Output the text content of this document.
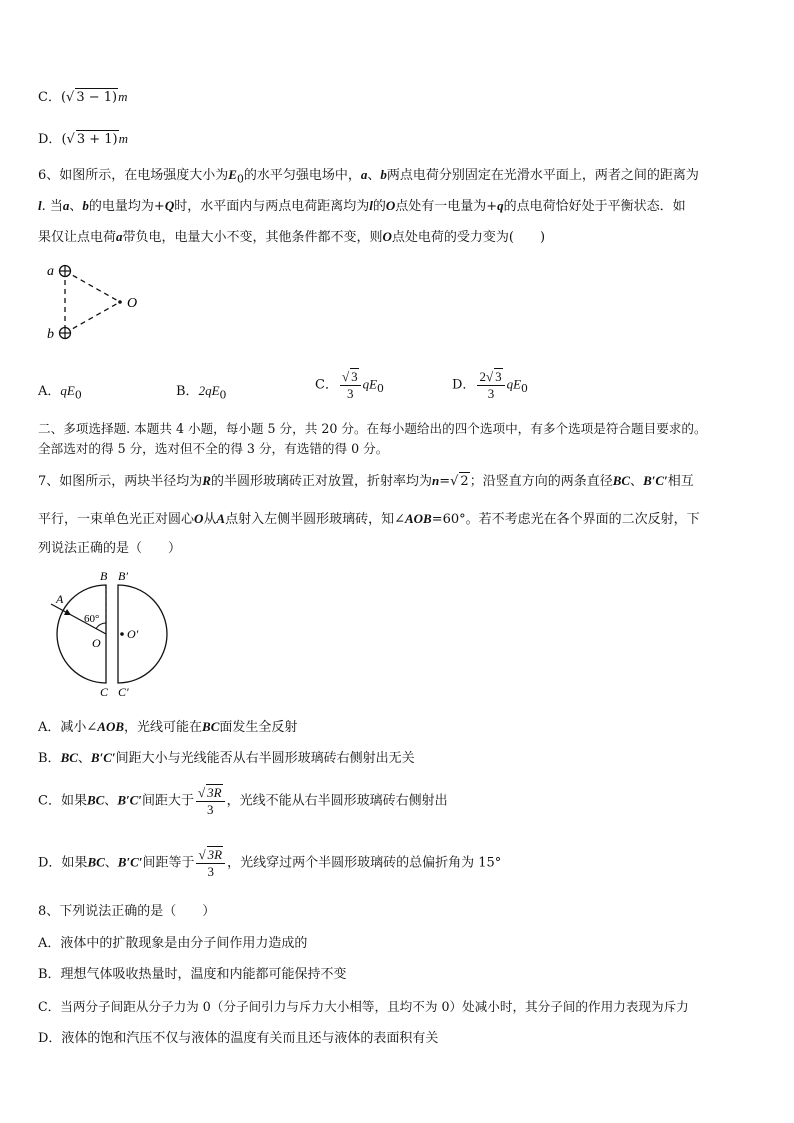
C．(√ 3 − 1)m
D．(√ 3 + 1)m
6、如图所示，在电场强度大小为$E_0$的水平匀强电场中，a、b两点电荷分别固定在光滑水平面上，两者之间的距离为
l. 当a、b的电量均为+Q时，水平面内与两点电荷距离均为l的O点处有一电量为+q的点电荷恰好处于平衡状态．如
果仅让点电荷a带负电，电量大小不变，其他条件都不变，则O点处电荷的受力变为(　　)
a
b
O
A．$qE_0$	B．$2qE_0$
C． $\frac{√ 3}{3} qE_0$	D． $\frac{2√ 3}{3} qE_0$
二、多项选择题. 本题共 4 小题，每小题 5 分，共 20 分。在每小题给出的四个选项中，有多个选项是符合题目要求的。
全部选对的得 5 分，选对但不全的得 3 分，有选错的得 0 分。
7、如图所示，两块半径均为R的半圆形玻璃砖正对放置，折射率均为n=√ 2；沿竖直方向的两条直径BC、B′C′相互
平行，一束单色光正对圆心O从A点射入左侧半圆形玻璃砖，知∠AOB=60°。若不考虑光在各个界面的二次反射，下
列说法正确的是（　　）
B B′
C C′
A
60°
O
O′
A．减小∠AOB，光线可能在BC面发生全反射
B．BC、B′C′间距大小与光线能否从右半圆形玻璃砖右侧射出无关
C．如果BC、B′C′间距大于 $\frac{√ 3R}{3}$ ，光线不能从右半圆形玻璃砖右侧射出
D．如果BC、B′C′间距等于 $\frac{√ 3R}{3}$ ，光线穿过两个半圆形玻璃砖的总偏折角为 15°
8、下列说法正确的是（　　）
A．液体中的扩散现象是由分子间作用力造成的
B．理想气体吸收热量时，温度和内能都可能保持不变
C．当两分子间距从分子力为 0（分子间引力与斥力大小相等，且均不为 0）处减小时，其分子间的作用力表现为斥力
D．液体的饱和汽压不仅与液体的温度有关而且还与液体的表面积有关
